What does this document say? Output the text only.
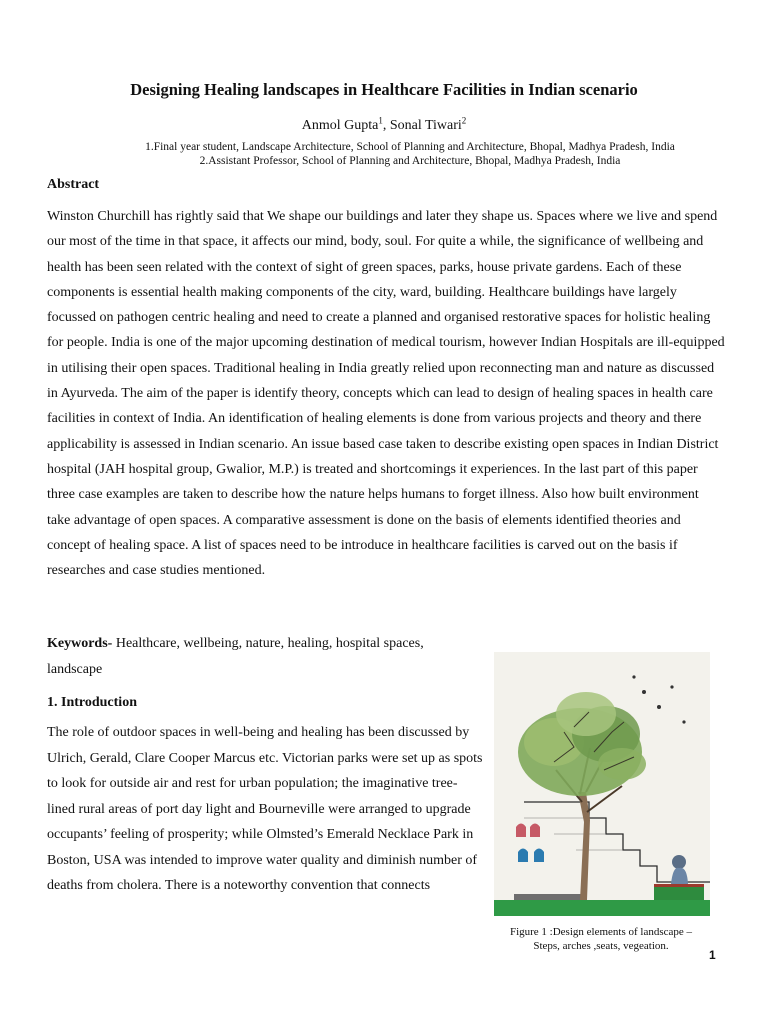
Designing Healing landscapes in Healthcare Facilities in Indian scenario
Anmol Gupta$^1$, Sonal Tiwari$^2$
1.Final year student, Landscape Architecture, School of Planning and Architecture, Bhopal, Madhya Pradesh, India
2.Assistant Professor, School of Planning and Architecture, Bhopal, Madhya Pradesh, India
Abstract
Winston Churchill has rightly said that We shape our buildings and later they shape us. Spaces where we live and spend our most of the time in that space, it affects our mind, body, soul. For quite a while, the significance of wellbeing and health has been seen related with the context of sight of green spaces, parks, house private gardens. Each of these components is essential health making components of the city, ward, building. Healthcare buildings have largely focussed on pathogen centric healing and need to create a planned and organised restorative spaces for holistic healing for people. India is one of the major upcoming destination of medical tourism, however Indian Hospitals are ill-equipped in utilising their open spaces. Traditional healing in India greatly relied upon reconnecting man and nature as discussed in Ayurveda. The aim of the paper is identify theory, concepts which can lead to design of healing spaces in health care facilities in context of India. An identification of healing elements is done from various projects and theory and there applicability is assessed in Indian scenario. An issue based case taken to describe existing open spaces in Indian District hospital (JAH hospital group, Gwalior, M.P.) is treated and shortcomings it experiences. In the last part of this paper three case examples are taken to describe how the nature helps humans to forget illness. Also how built environment take advantage of open spaces. A comparative assessment is done on the basis of elements identified theories and concept of healing space. A list of spaces need to be introduce in healthcare facilities is carved out on the basis if researches and case studies mentioned.
Keywords- Healthcare, wellbeing, nature, healing, hospital spaces, landscape
1. Introduction
The role of outdoor spaces in well-being and healing has been discussed by Ulrich, Gerald, Clare Cooper Marcus etc. Victorian parks were set up as spots to look for outside air and rest for urban population; the imaginative tree- lined rural areas of port day light and Bourneville were arranged to upgrade occupants’ feeling of prosperity; while Olmsted’s Emerald Necklace Park in Boston, USA was intended to improve water quality and diminish number of deaths from cholera. There is a noteworthy convention that connects
Figure 1 :Design elements of landscape –Steps, arches ,seats, vegeation.
1
